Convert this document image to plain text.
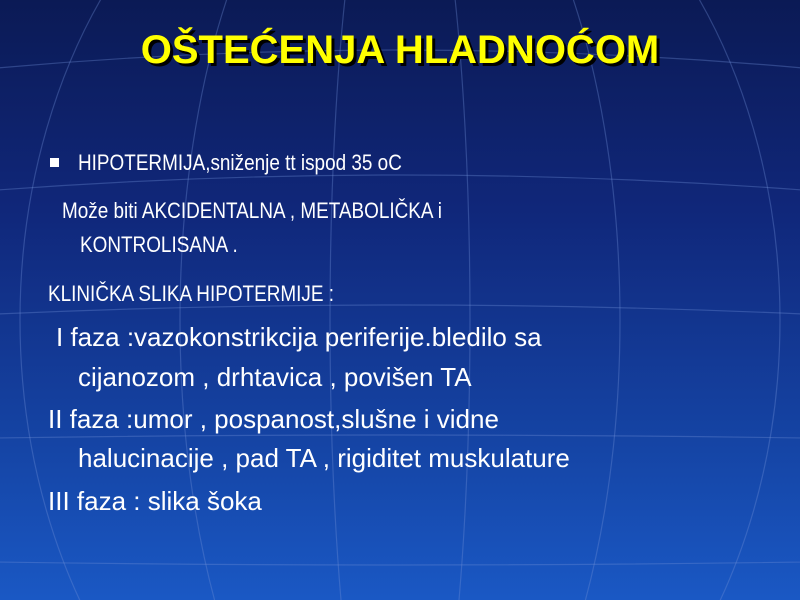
OŠTEĆENJA HLADNOĆOM
HIPOTERMIJA,sniženje tt ispod 35 oC
Može biti AKCIDENTALNA , METABOLIČKA i
KONTROLISANA .
KLINIČKA SLIKA HIPOTERMIJE :
I faza :vazokonstrikcija periferije.bledilo sa
cijanozom , drhtavica , povišen TA
II faza :umor , pospanost,slušne i vidne
halucinacije , pad TA , rigiditet muskulature
III faza : slika šoka
